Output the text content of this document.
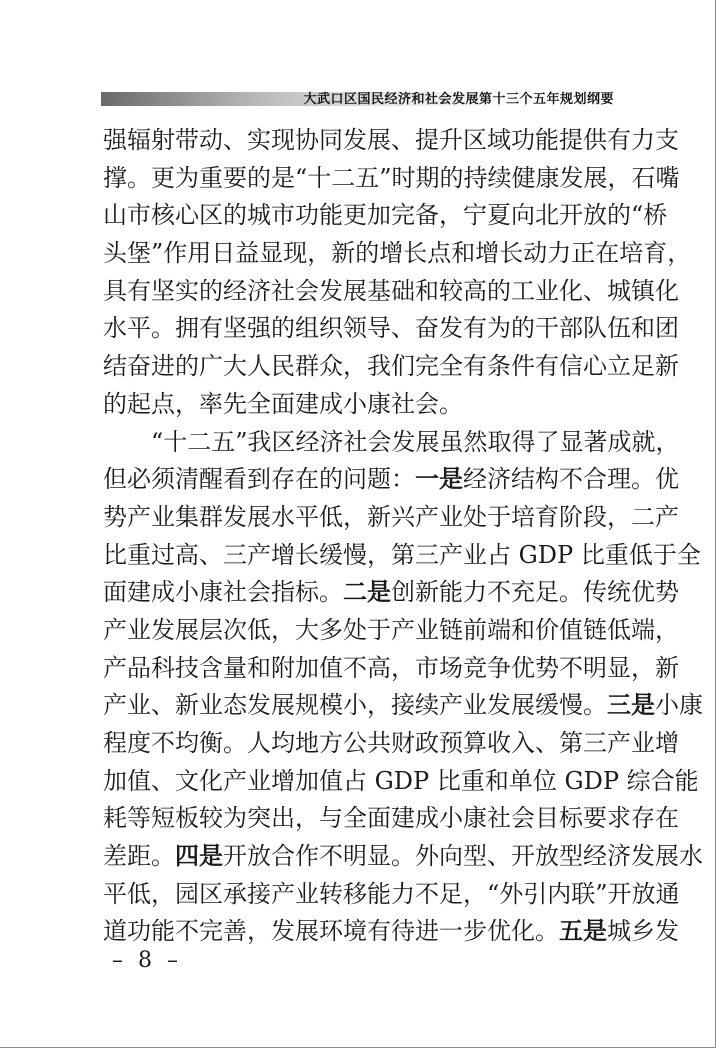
大武口区国民经济和社会发展第十三个五年规划纲要
强辐射带动、实现协同发展、提升区域功能提供有力支
撑。更为重要的是“十二五”时期的持续健康发展，石嘴
山市核心区的城市功能更加完备，宁夏向北开放的“桥
头堡”作用日益显现，新的增长点和增长动力正在培育，
具有坚实的经济社会发展基础和较高的工业化、城镇化
水平。拥有坚强的组织领导、奋发有为的干部队伍和团
结奋进的广大人民群众，我们完全有条件有信心立足新
的起点，率先全面建成小康社会。
“十二五”我区经济社会发展虽然取得了显著成就，
但必须清醒看到存在的问题： 一是 经济结构不合理。优
势产业集群发展水平低，新兴产业处于培育阶段，二产
比重过高、三产增长缓慢，第三产业占 GDP 比重低于全
面建成小康社会指标。 二是 创新能力不充足。传统优势
产业发展层次低，大多处于产业链前端和价值链低端，
产品科技含量和附加值不高，市场竞争优势不明显，新
产业、新业态发展规模小，接续产业发展缓慢。 三是 小康
程度不均衡。人均地方公共财政预算收入、第三产业增
加值、文化产业增加值占 GDP 比重和单位 GDP 综合能
耗等短板较为突出，与全面建成小康社会目标要求存在
差距。 四是 开放合作不明显。外向型、开放型经济发展水
平低，园区承接产业转移能力不足，“外引内联”开放通
道功能不完善，发展环境有待进一步优化。 五是 城乡发
– 8 –
